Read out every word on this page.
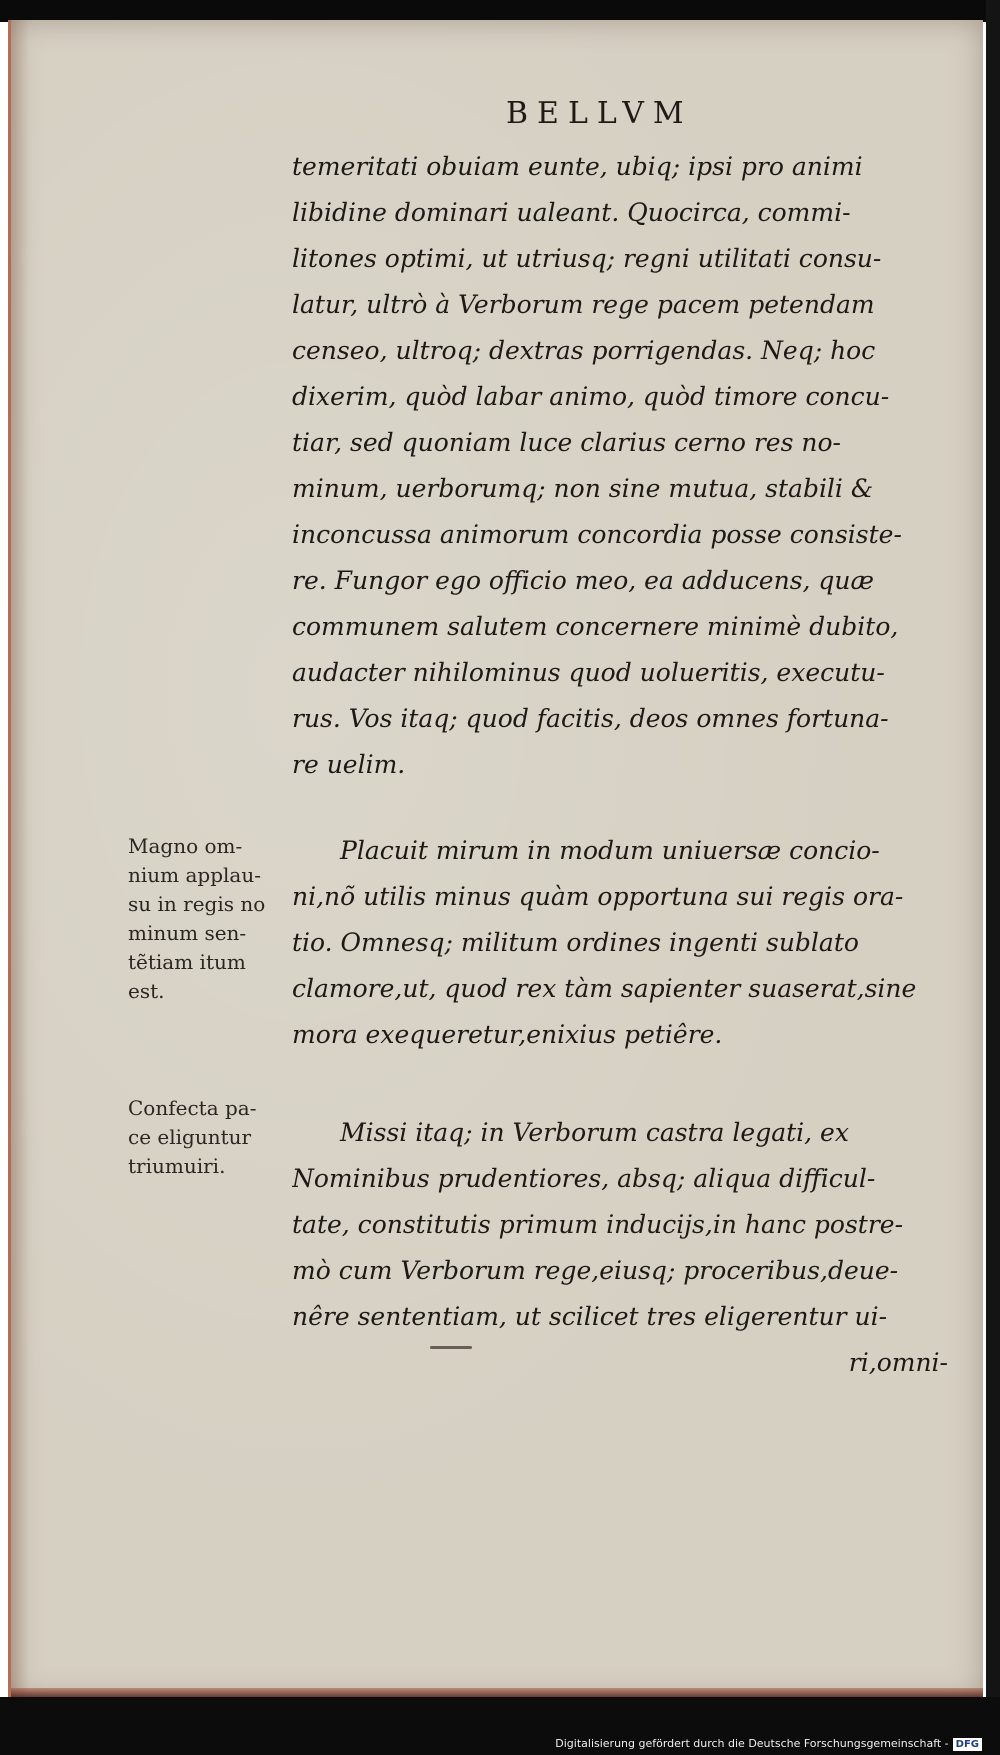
BELLVM
temeritati obuiam eunte, ubiq; ipsi pro animi
libidine dominari ualeant. Quocirca, commi-
litones optimi, ut utriusq; regni utilitati consu-
latur, ultrò à Verborum rege pacem petendam
censeo, ultroq; dextras porrigendas. Neq; hoc
dixerim, quòd labar animo, quòd timore concu-
tiar, sed quoniam luce clarius cerno res no-
minum, uerborumq; non sine mutua, stabili &
inconcussa animorum concordia posse consiste-
re. Fungor ego officio meo, ea adducens, quæ
communem salutem concernere minimè dubito,
audacter nihilominus quod uolueritis, executu-
rus. Vos itaq; quod facitis, deos omnes fortuna-
re uelim.
Placuit mirum in modum uniuersæ concio-
ni,nõ utilis minus quàm opportuna sui regis ora-
tio. Omnesq; militum ordines ingenti sublato
clamore,ut, quod rex tàm sapienter suaserat,sine
mora exequeretur,enixius petiêre.
Missi itaq; in Verborum castra legati, ex
Nominibus prudentiores, absq; aliqua difficul-
tate, constitutis primum inducijs,in hanc postre-
mò cum Verborum rege,eiusq; proceribus,deue-
nêre sententiam, ut scilicet tres eligerentur ui-
ri,omni-
Magno om-
nium applau-
su in regis no
minum sen-
tẽtiam itum
est.
Confecta pa-
ce eliguntur
triumuiri.
Digitalisierung gefördert durch die Deutsche Forschungsgemeinschaft - DFG
